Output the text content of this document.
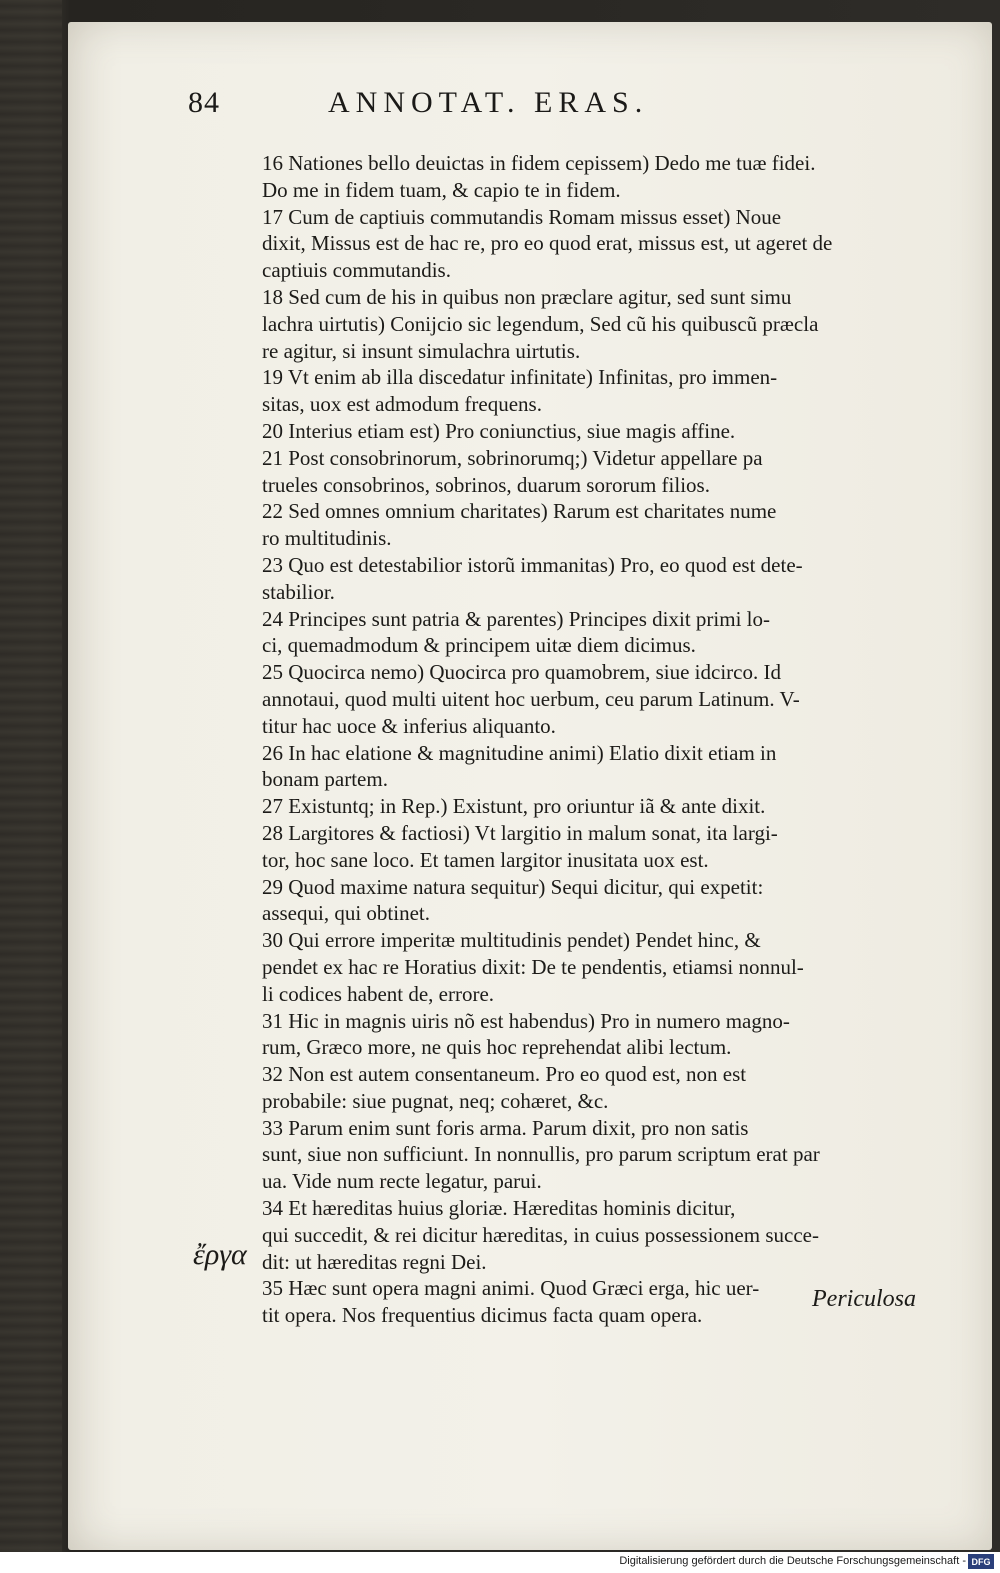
84	ANNOTAT. ERAS.
16 Nationes bello deuictas in fidem cepissem) Dedo me tuæ fidei.
Do me in fidem tuam, & capio te in fidem.
17 Cum de captiuis commutandis Romam missus esset) Noue
dixit, Missus est de hac re, pro eo quod erat, missus est, ut ageret de
captiuis commutandis.
18 Sed cum de his in quibus non præclare agitur, sed sunt simu
lachra uirtutis) Conijcio sic legendum, Sed cũ his quibuscũ præcla
re agitur, si insunt simulachra uirtutis.
19 Vt enim ab illa discedatur infinitate) Infinitas, pro immen-
sitas, uox est admodum frequens.
20 Interius etiam est) Pro coniunctius, siue magis affine.
21 Post consobrinorum, sobrinorumq;) Videtur appellare pa
trueles consobrinos, sobrinos, duarum sororum filios.
22 Sed omnes omnium charitates) Rarum est charitates nume
ro multitudinis.
23 Quo est detestabilior istorũ immanitas) Pro, eo quod est dete-
stabilior.
24 Principes sunt patria & parentes) Principes dixit primi lo-
ci, quemadmodum & principem uitæ diem dicimus.
25 Quocirca nemo) Quocirca pro quamobrem, siue idcirco. Id
annotaui, quod multi uitent hoc uerbum, ceu parum Latinum. V-
titur hac uoce & inferius aliquanto.
26 In hac elatione & magnitudine animi) Elatio dixit etiam in
bonam partem.
27 Existuntq; in Rep.) Existunt, pro oriuntur iã & ante dixit.
28 Largitores & factiosi) Vt largitio in malum sonat, ita largi-
tor, hoc sane loco. Et tamen largitor inusitata uox est.
29 Quod maxime natura sequitur) Sequi dicitur, qui expetit:
assequi, qui obtinet.
30 Qui errore imperitæ multitudinis pendet) Pendet hinc, &
pendet ex hac re Horatius dixit: De te pendentis, etiamsi nonnul-
li codices habent de, errore.
31 Hic in magnis uiris nõ est habendus) Pro in numero magno-
rum, Græco more, ne quis hoc reprehendat alibi lectum.
32 Non est autem consentaneum. Pro eo quod est, non est
probabile: siue pugnat, neq; cohæret, &c.
33 Parum enim sunt foris arma. Parum dixit, pro non satis
sunt, siue non sufficiunt. In nonnullis, pro parum scriptum erat par
ua. Vide num recte legatur, parui.
34 Et hæreditas huius gloriæ. Hæreditas hominis dicitur,
qui succedit, & rei dicitur hæreditas, in cuius possessionem succe-
dit: ut hæreditas regni Dei.
35 Hæc sunt opera magni animi. Quod Græci erga, hic uer-
tit opera. Nos frequentius dicimus facta quam opera.
ἔργα
Periculosa
Digitalisierung gefördert durch die Deutsche Forschungsgemeinschaft - DFG
